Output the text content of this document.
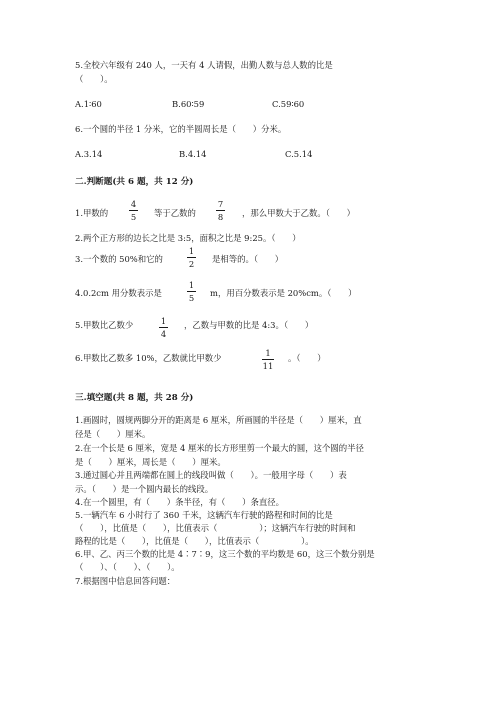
5.全校六年级有 240 人，一天有 4 人请假，出勤人数与总人数的比是
（　　）。
A.1∶60	B.60∶59	C.59∶60
6.一个圆的半径 1 分米，它的半圆周长是（　　）分米。
A.3.14	B.4.14	C.5.14
二.判断题(共 6 题，共 12 分)
1.甲数的
4
5 等于乙数的
7
8 ，那么甲数大于乙数。（　　）
2.两个正方形的边长之比是 3:5，面积之比是 9:25。（　　）
3.一个数的 50%和它的
1
2 是相等的。（　　）
4.0.2cm 用分数表示是
1
5 m，用百分数表示是 20%cm。（　　）
5.甲数比乙数少	1
4
，乙数与甲数的比是 4:3。（　　）
6.甲数比乙数多 10%，乙数就比甲数少	1
11
。（　　）
三.填空题(共 8 题，共 28 分)
1.画圆时，圆规两脚分开的距离是 6 厘米，所画圆的半径是（　　）厘米，直
径是（　　）厘米。
2.在一个长是 6 厘米，宽是 4 厘米的长方形里剪一个最大的圆，这个圆的半径
是（　　）厘米，周长是（　　）厘米。
3.通过圆心并且两端都在圆上的线段叫做（　　）。一般用字母（　　）表
示。（　　）是一个圆内最长的线段。
4.在一个圆里，有（　　）条半径，有（　　）条直径。
5.一辆汽车 6 小时行了 360 千米，这辆汽车行驶的路程和时间的比是
（　　），比值是（　　），比值表示（　　　　　）；这辆汽车行驶的时间和
路程的比是（　　），比值是（　　），比值表示（　　　　　）。
6.甲、乙、丙三个数的比是 4∶7∶9，这三个数的平均数是 60，这三个数分别是
（　　）、（　　）、（　　）。
7.根据图中信息回答问题：
